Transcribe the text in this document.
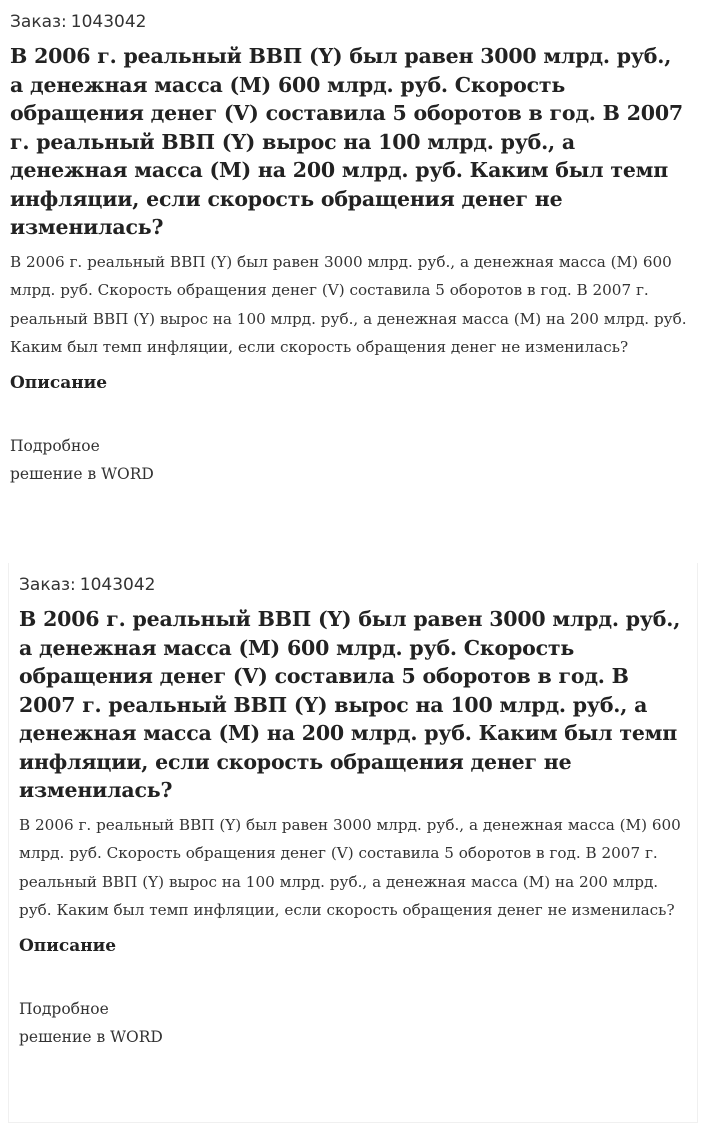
Заказ: 1043042
В 2006 г. реальный ВВП (Y) был равен 3000 млрд. руб., а денежная масса (М) 600 млрд. руб. Скорость обращения денег (V) составила 5 оборотов в год. В 2007 г. реальный ВВП (Y) вырос на 100 млрд. руб., а денежная масса (М) на 200 млрд. руб. Каким был темп инфляции, если скорость обращения денег не изменилась?
В 2006 г. реальный ВВП (Y) был равен 3000 млрд. руб., а денежная масса (М) 600 млрд. руб. Скорость обращения денег (V) составила 5 оборотов в год. В 2007 г. реальный ВВП (Y) вырос на 100 млрд. руб., а денежная масса (М) на 200 млрд. руб. Каким был темп инфляции, если скорость обращения денег не изменилась?
Описание
Подробное
решение в WORD
Заказ: 1043042
В 2006 г. реальный ВВП (Y) был равен 3000 млрд. руб., а денежная масса (М) 600 млрд. руб. Скорость обращения денег (V) составила 5 оборотов в год. В 2007 г. реальный ВВП (Y) вырос на 100 млрд. руб., а денежная масса (М) на 200 млрд. руб. Каким был темп инфляции, если скорость обращения денег не изменилась?
В 2006 г. реальный ВВП (Y) был равен 3000 млрд. руб., а денежная масса (М) 600 млрд. руб. Скорость обращения денег (V) составила 5 оборотов в год. В 2007 г. реальный ВВП (Y) вырос на 100 млрд. руб., а денежная масса (М) на 200 млрд. руб. Каким был темп инфляции, если скорость обращения денег не изменилась?
Описание
Подробное
решение в WORD
